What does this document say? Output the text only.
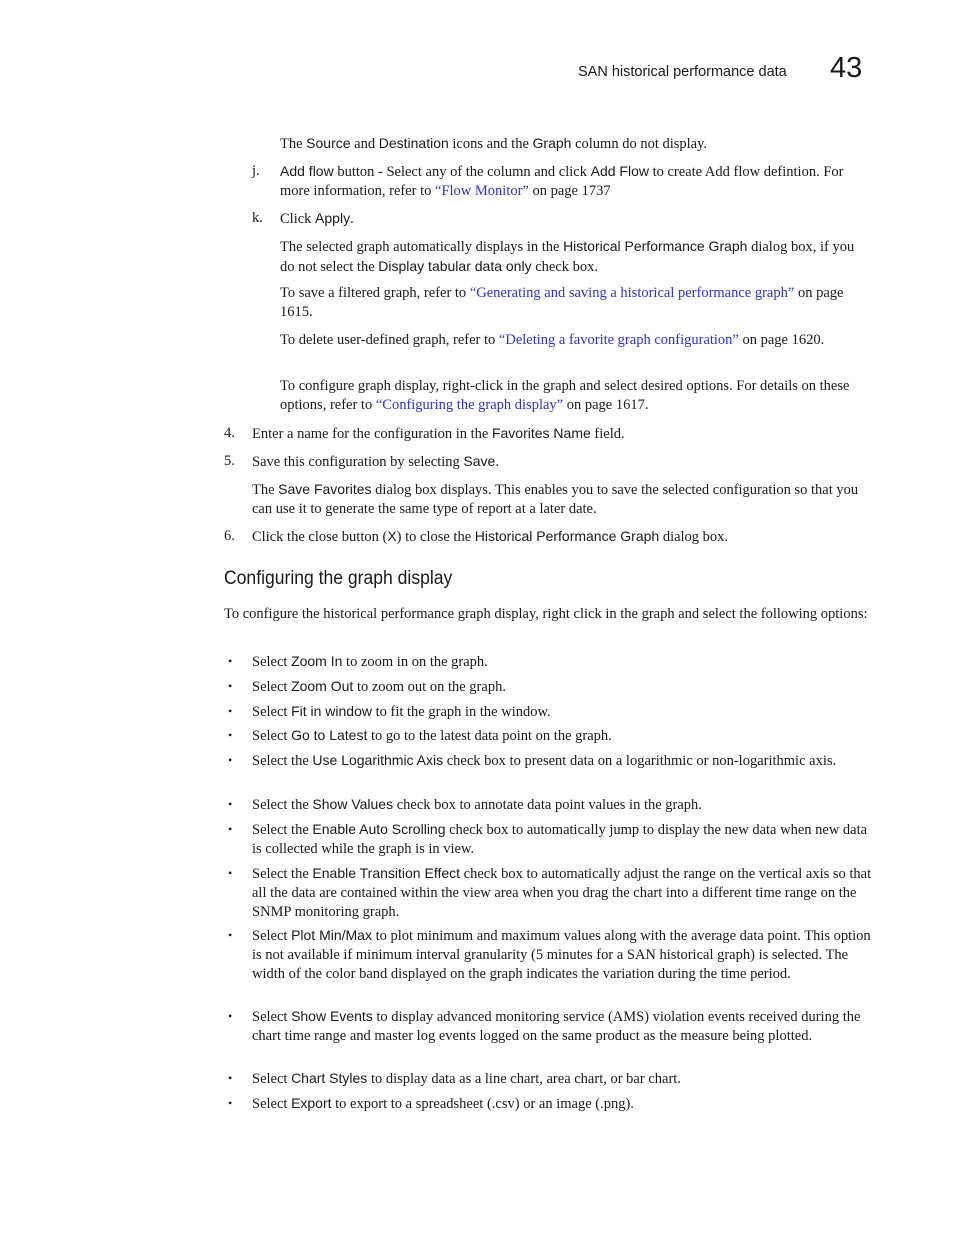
SAN historical performance data 43

The Source and Destination icons and the Graph column do not display.

j. Add flow button - Select any of the column and click Add Flow to create Add flow defintion. For more information, refer to “Flow Monitor” on page 1737

k. Click Apply.

The selected graph automatically displays in the Historical Performance Graph dialog box, if you do not select the Display tabular data only check box.

To save a filtered graph, refer to “Generating and saving a historical performance graph” on page 1615.

To delete user-defined graph, refer to “Deleting a favorite graph configuration” on page 1620.

To configure graph display, right-click in the graph and select desired options. For details on these options, refer to “Configuring the graph display” on page 1617.

4. Enter a name for the configuration in the Favorites Name field.

5. Save this configuration by selecting Save.

The Save Favorites dialog box displays. This enables you to save the selected configuration so that you can use it to generate the same type of report at a later date.

6. Click the close button (X) to close the Historical Performance Graph dialog box.

Configuring the graph display

To configure the historical performance graph display, right click in the graph and select the following options:

• Select Zoom In to zoom in on the graph.

• Select Zoom Out to zoom out on the graph.

• Select Fit in window to fit the graph in the window.

• Select Go to Latest to go to the latest data point on the graph.

• Select the Use Logarithmic Axis check box to present data on a logarithmic or non-logarithmic axis.

• Select the Show Values check box to annotate data point values in the graph.

• Select the Enable Auto Scrolling check box to automatically jump to display the new data when new data is collected while the graph is in view.

• Select the Enable Transition Effect check box to automatically adjust the range on the vertical axis so that all the data are contained within the view area when you drag the chart into a different time range on the SNMP monitoring graph.

• Select Plot Min/Max to plot minimum and maximum values along with the average data point. This option is not available if minimum interval granularity (5 minutes for a SAN historical graph) is selected. The width of the color band displayed on the graph indicates the variation during the time period.

• Select Show Events to display advanced monitoring service (AMS) violation events received during the chart time range and master log events logged on the same product as the measure being plotted.

• Select Chart Styles to display data as a line chart, area chart, or bar chart.

• Select Export to export to a spreadsheet (.csv) or an image (.png).
